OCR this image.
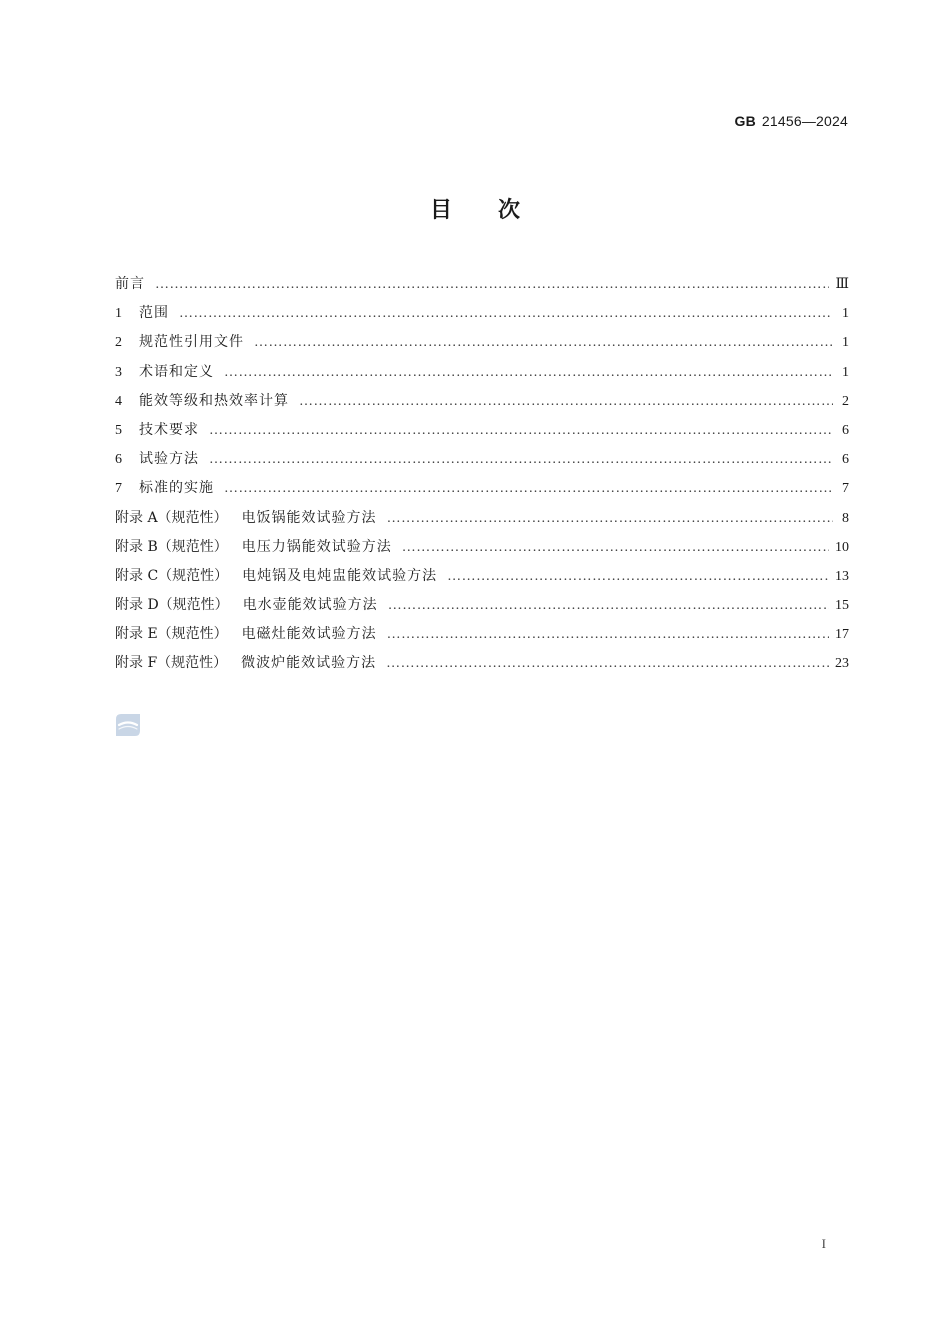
GB 21456—2024
目次
前言 …………………………………………………………………………………………………………………………………………………………………………………………	Ⅲ
1	范围 …………………………………………………………………………………………………………………………………………………………………………………………	1
2	规范性引用文件 …………………………………………………………………………………………………………………………………………………………………………………………	1
3	术语和定义 …………………………………………………………………………………………………………………………………………………………………………………………	1
4	能效等级和热效率计算 …………………………………………………………………………………………………………………………………………………………………………………………	2
5	技术要求 …………………………………………………………………………………………………………………………………………………………………………………………	6
6	试验方法 …………………………………………………………………………………………………………………………………………………………………………………………	6
7	标准的实施 …………………………………………………………………………………………………………………………………………………………………………………………	7
附录 A（规范性） 电饭锅能效试验方法 …………………………………………………………………………………………………………………………………………………………………………………………	8
附录 B（规范性） 电压力锅能效试验方法 …………………………………………………………………………………………………………………………………………………………………………………………	10
附录 C（规范性） 电炖锅及电炖盅能效试验方法 …………………………………………………………………………………………………………………………………………………………………………………………	13
附录 D（规范性） 电水壶能效试验方法 …………………………………………………………………………………………………………………………………………………………………………………………	15
附录 E（规范性） 电磁灶能效试验方法 …………………………………………………………………………………………………………………………………………………………………………………………	17
附录 F（规范性） 微波炉能效试验方法 …………………………………………………………………………………………………………………………………………………………………………………………	23
I
